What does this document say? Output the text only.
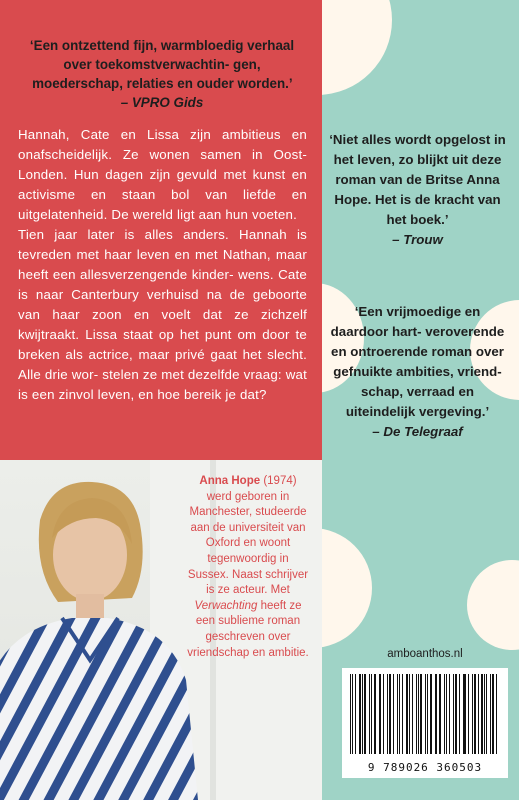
‘Een ontzettend fijn, warmbloedig verhaal over toekomstverwachtin- gen, moederschap, relaties en ouder worden.’ – VPRO Gids

Hannah, Cate en Lissa zijn ambitieus en onafscheidelijk. Ze wonen samen in Oost-Londen. Hun dagen zijn gevuld met kunst en activisme en staan bol van liefde en uitgelatenheid. De wereld ligt aan hun voeten.

Tien jaar later is alles anders. Hannah is tevreden met haar leven en met Nathan, maar heeft een allesverzengende kinder- wens. Cate is naar Canterbury verhuisd na de geboorte van haar zoon en voelt dat ze zichzelf kwijtraakt. Lissa staat op het punt om door te breken als actrice, maar privé gaat het slecht. Alle drie wor- stelen ze met dezelfde vraag: wat is een zinvol leven, en hoe bereik je dat?

‘Niet alles wordt opgelost in het leven, zo blijkt uit deze roman van de Britse Anna Hope. Het is de kracht van het boek.’
– Trouw
‘Een vrijmoedige en daardoor hart- veroverende en ontroerende roman over gefnuikte ambities, vriend- schap, verraad en uiteindelijk vergeving.’
– De Telegraaf
Anna Hope (1974) werd geboren in Manchester, studeerde aan de universiteit van Oxford en woont tegenwoordig in Sussex. Naast schrijver is ze acteur. Met Verwachting heeft ze een sublieme roman geschreven over vriendschap en ambitie.	amboanthos.nl
9 789026 360503
